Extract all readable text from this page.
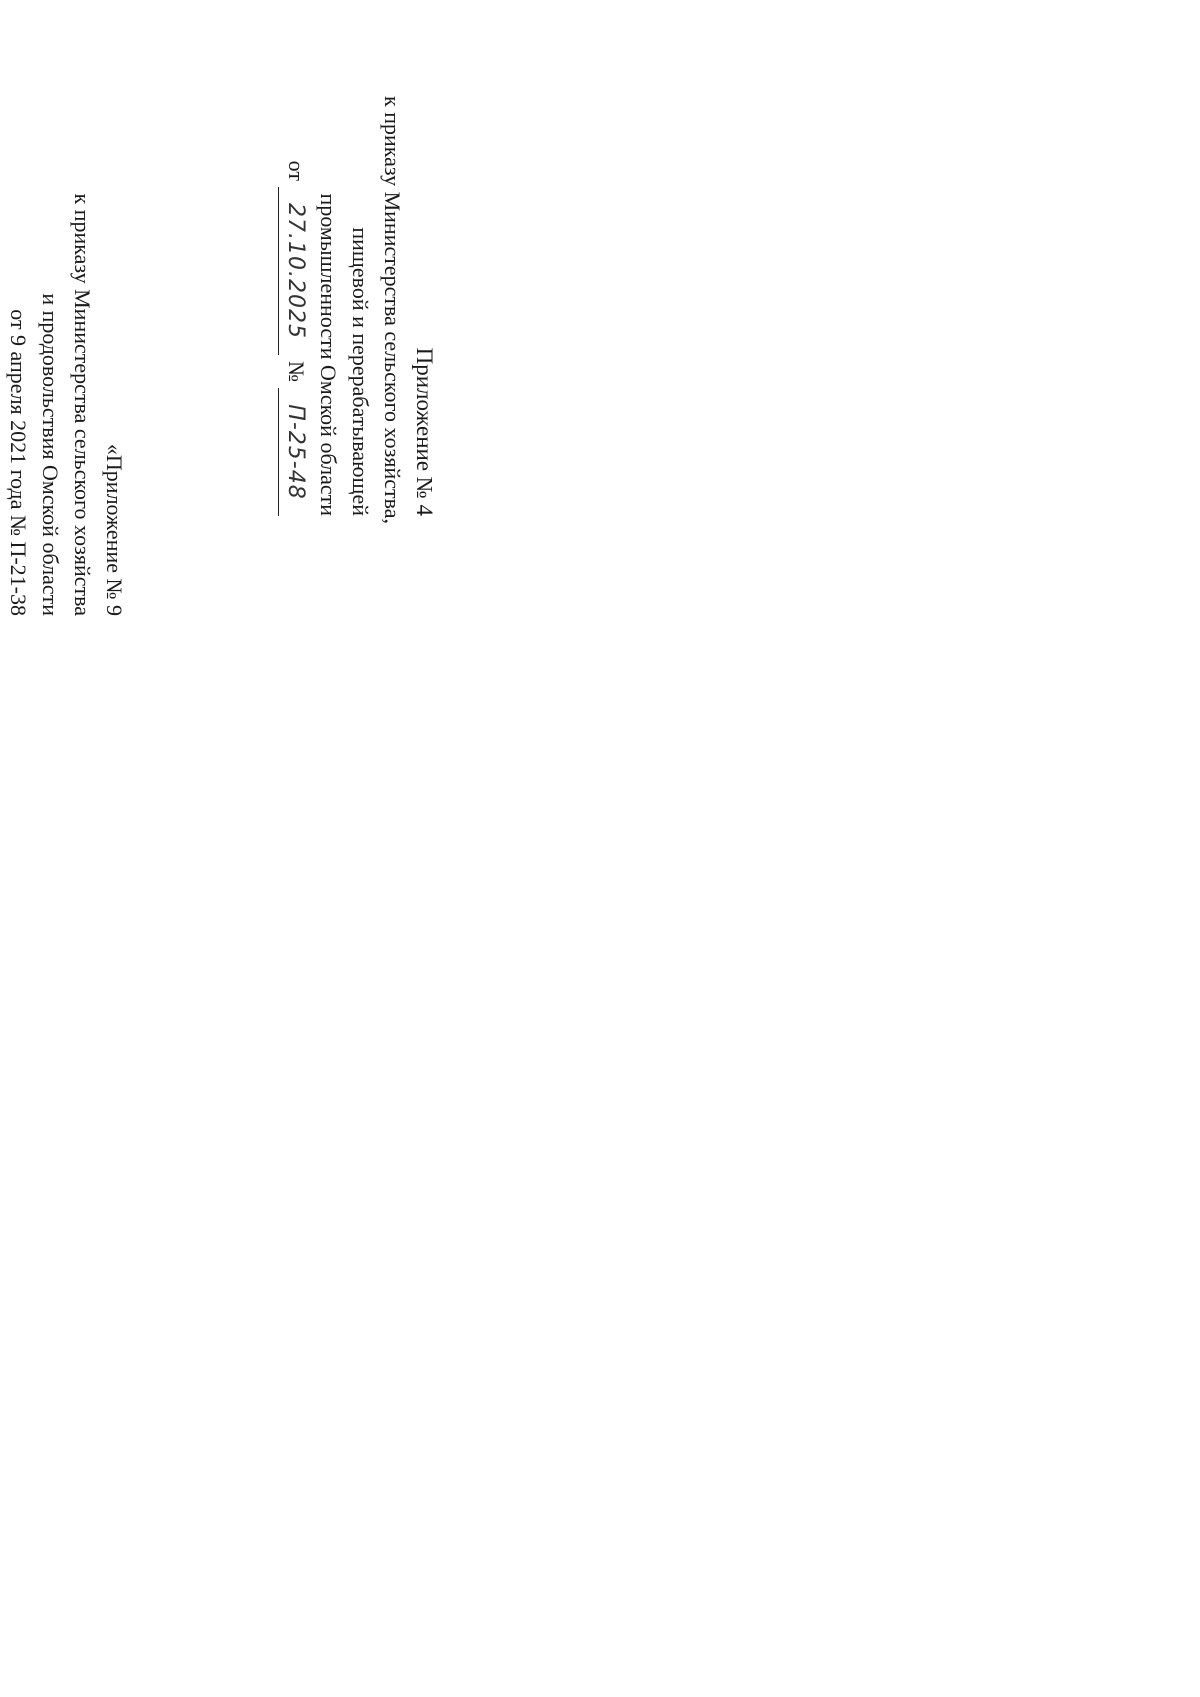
Приложение № 4
к приказу Министерства сельского хозяйства,
пищевой и перерабатывающей
промышленности Омской области
от
27.10.2025
№
П-25-48
«Приложение № 9
к приказу Министерства сельского хозяйства
и продовольствия Омской области
от 9 апреля 2021 года № П-21-38
